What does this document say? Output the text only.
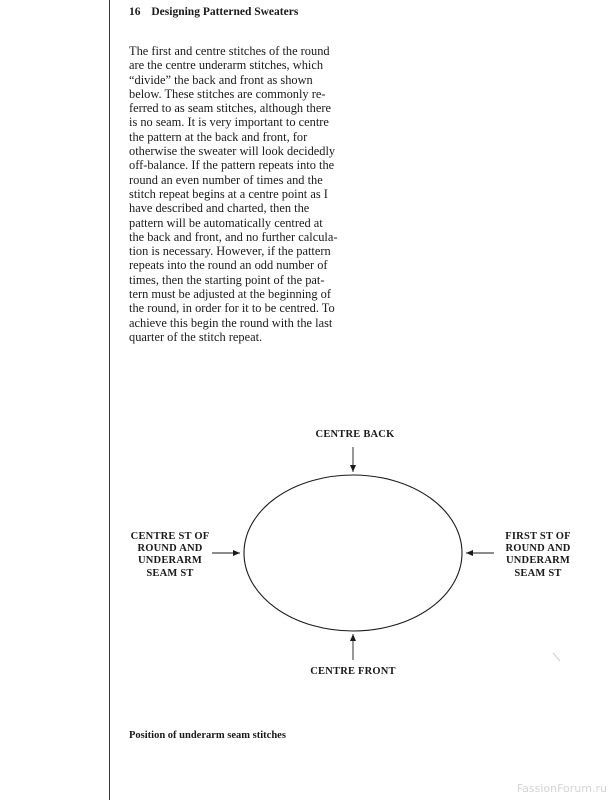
16 Designing Patterned Sweaters

The first and centre stitches of the round
are the centre underarm stitches, which
“divide” the back and front as shown
below. These stitches are commonly re-
ferred to as seam stitches, although there
is no seam. It is very important to centre
the pattern at the back and front, for
otherwise the sweater will look decidedly
off-balance. If the pattern repeats into the
round an even number of times and the
stitch repeat begins at a centre point as I
have described and charted, then the
pattern will be automatically centred at
the back and front, and no further calcula-
tion is necessary. However, if the pattern
repeats into the round an odd number of
times, then the starting point of the pat-
tern must be adjusted at the beginning of
the round, in order for it to be centred. To
achieve this begin the round with the last
quarter of the stitch repeat.

CENTRE BACK
CENTRE FRONT
CENTRE ST OF
ROUND AND
UNDERARM
SEAM ST
FIRST ST OF
ROUND AND
UNDERARM
SEAM ST
Position of underarm seam stitches
FassionForum.ru
